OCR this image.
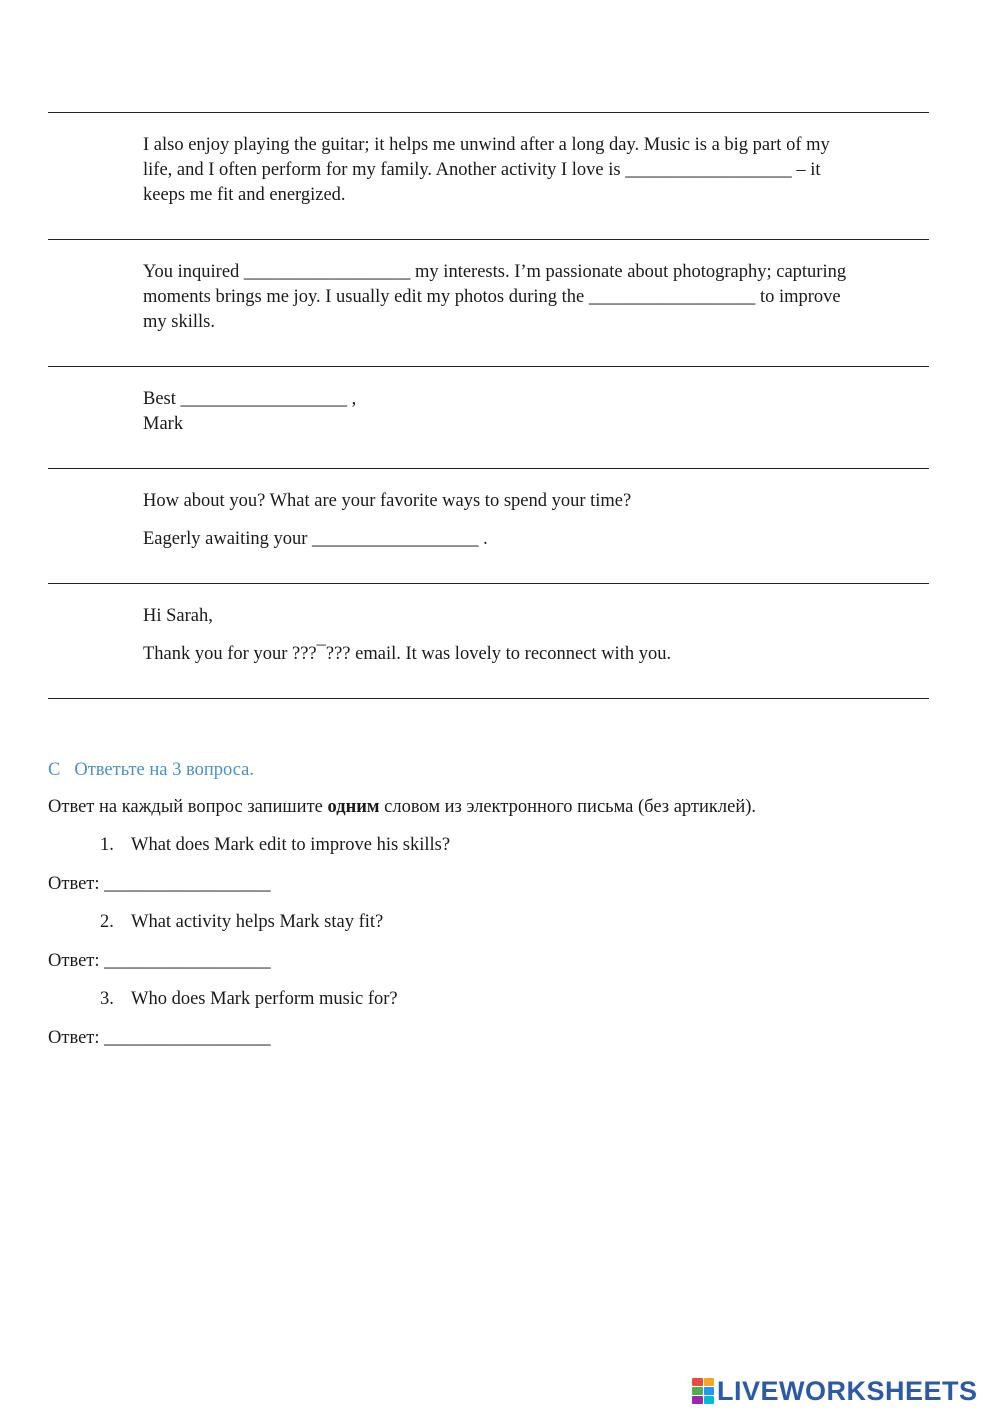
I also enjoy playing the guitar; it helps me unwind after a long day. Music is a big part of my
life, and I often perform for my family. Another activity I love is __________________ – it
keeps me fit and energized.
You inquired __________________ my interests. I’m passionate about photography; capturing
moments brings me joy. I usually edit my photos during the __________________ to improve
my skills.
Best __________________ ,
Mark
How about you? What are your favorite ways to spend your time?
Eagerly awaiting your __________________ .
Hi Sarah,
Thank you for your ???¯??? email. It was lovely to reconnect with you.
C Ответьте на 3 вопроса.
Ответ на каждый вопрос запишите одним словом из электронного письма (без артиклей).
1. What does Mark edit to improve his skills?
Ответ: __________________
2. What activity helps Mark stay fit?
Ответ: __________________
3. Who does Mark perform music for?
Ответ: __________________
LIVEWORKSHEETS
